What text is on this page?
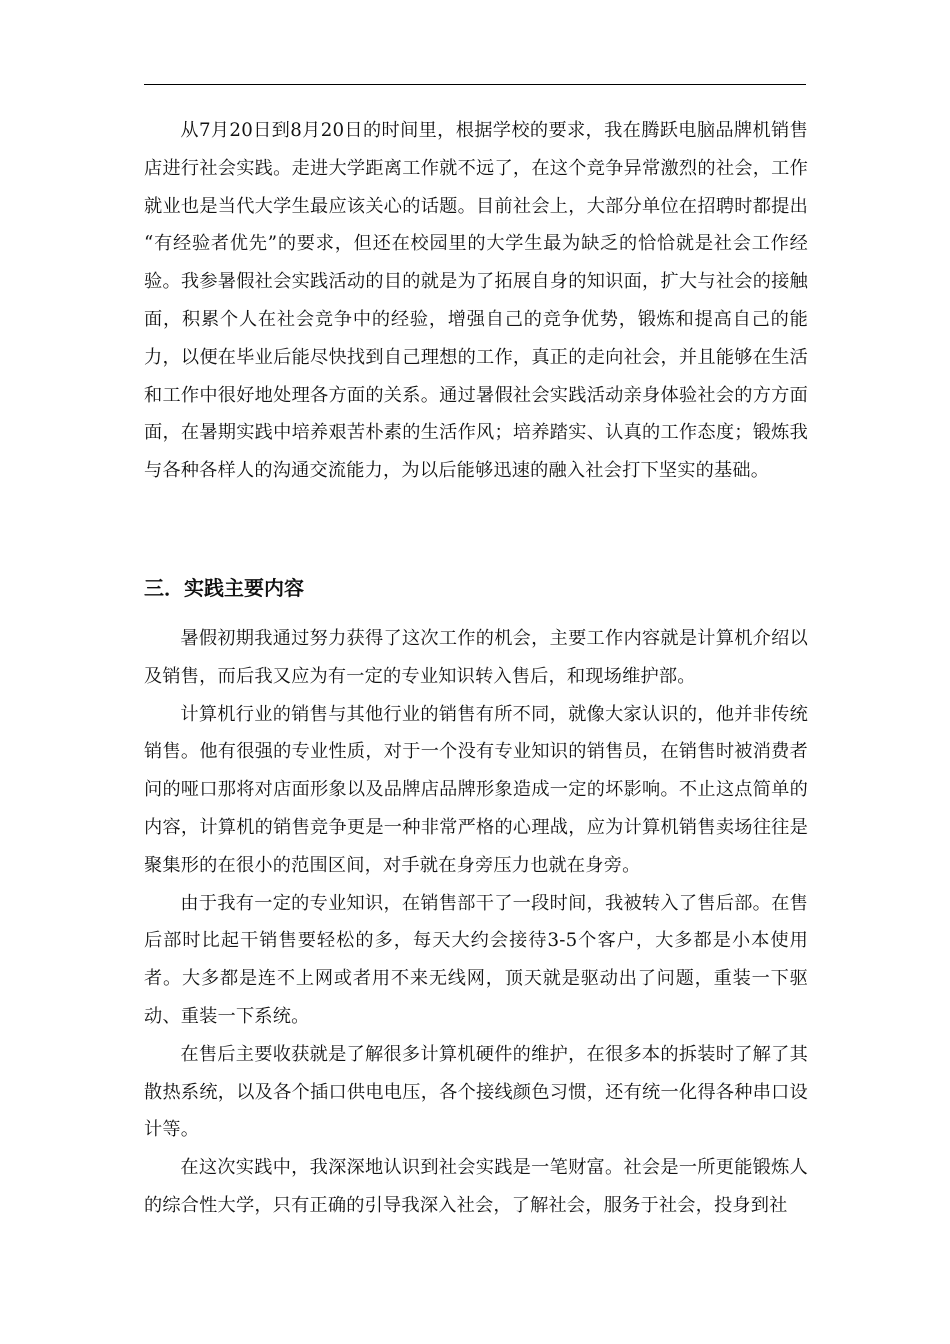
从7月20日到8月20日的时间里，根据学校的要求，我在腾跃电脑品牌机销售店进行社会实践。走进大学距离工作就不远了，在这个竞争异常激烈的社会，工作就业也是当代大学生最应该关心的话题。目前社会上，大部分单位在招聘时都提出 “有经验者优先”的要求，但还在校园里的大学生最为缺乏的恰恰就是社会工作经验。我参暑假社会实践活动的目的就是为了拓展自身的知识面，扩大与社会的接触面，积累个人在社会竞争中的经验，增强自己的竞争优势，锻炼和提高自己的能力，以便在毕业后能尽快找到自己理想的工作，真正的走向社会，并且能够在生活和工作中很好地处理各方面的关系。通过暑假社会实践活动亲身体验社会的方方面面，在暑期实践中培养艰苦朴素的生活作风；培养踏实、认真的工作态度；锻炼我与各种各样人的沟通交流能力，为以后能够迅速的融入社会打下坚实的基础。

三．实践主要内容

暑假初期我通过努力获得了这次工作的机会，主要工作内容就是计算机介绍以及销售，而后我又应为有一定的专业知识转入售后，和现场维护部。

计算机行业的销售与其他行业的销售有所不同，就像大家认识的，他并非传统销售。他有很强的专业性质，对于一个没有专业知识的销售员，在销售时被消费者问的哑口那将对店面形象以及品牌店品牌形象造成一定的坏影响。不止这点简单的内容，计算机的销售竞争更是一种非常严格的心理战，应为计算机销售卖场往往是聚集形的在很小的范围区间，对手就在身旁压力也就在身旁。

由于我有一定的专业知识，在销售部干了一段时间，我被转入了售后部。在售后部时比起干销售要轻松的多，每天大约会接待3-5个客户，大多都是小本使用者。大多都是连不上网或者用不来无线网，顶天就是驱动出了问题，重装一下驱动、重装一下系统。

在售后主要收获就是了解很多计算机硬件的维护，在很多本的拆装时了解了其散热系统，以及各个插口供电电压，各个接线颜色习惯，还有统一化得各种串口设计等。

在这次实践中，我深深地认识到社会实践是一笔财富。社会是一所更能锻炼人的综合性大学，只有正确的引导我深入社会，了解社会，服务于社会，投身到社
